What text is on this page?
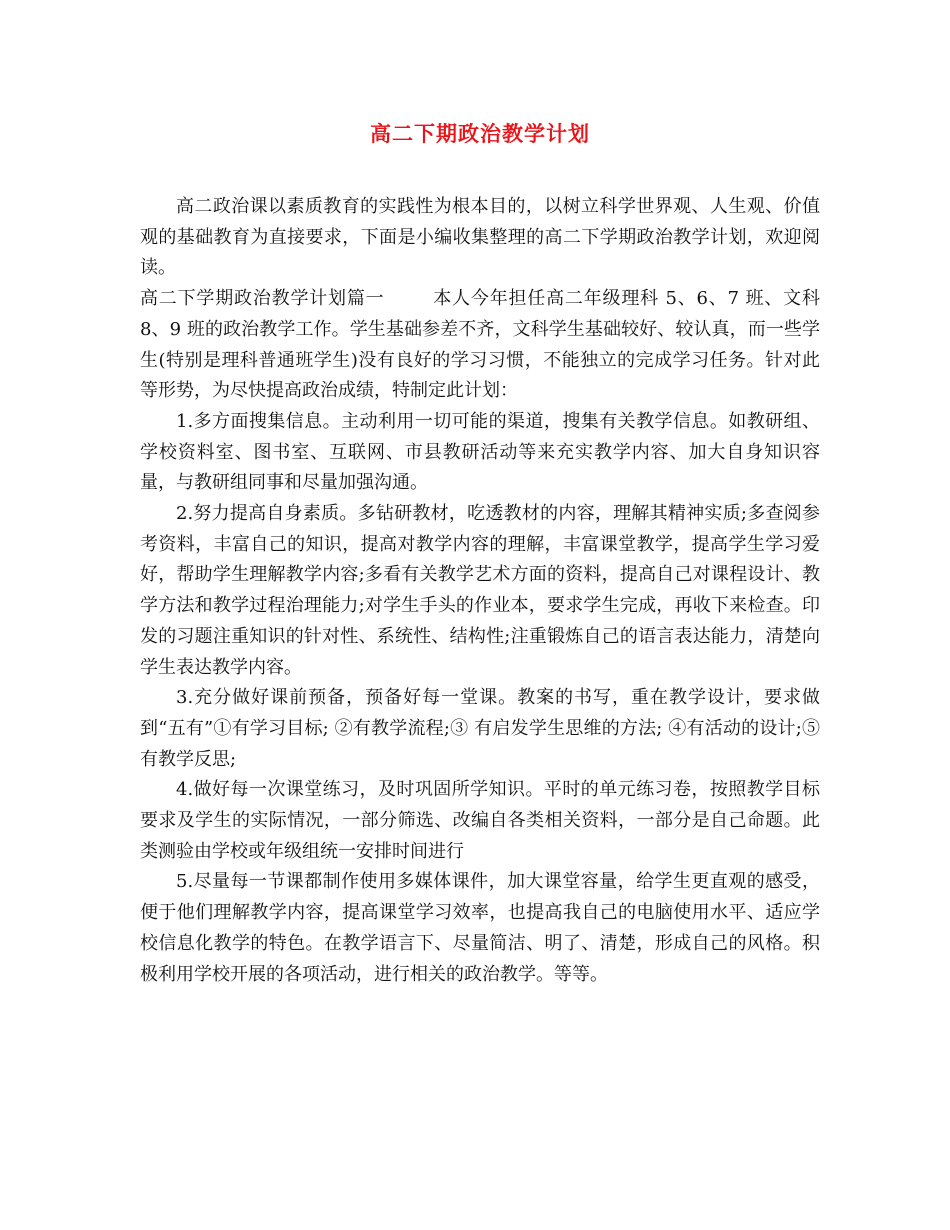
高二下期政治教学计划

高二政治课以素质教育的实践性为根本目的，以树立科学世界观、人生观、价值观的基础教育为直接要求，下面是小编收集整理的高二下学期政治教学计划，欢迎阅读。

高二下学期政治教学计划篇一	本人今年担任高二年级理科 5、6、7 班、文科 8、9 班的政治教学工作。学生基础参差不齐，文科学生基础较好、较认真，而一些学生(特别是理科普通班学生)没有良好的学习习惯，不能独立的完成学习任务。针对此等形势，为尽快提高政治成绩，特制定此计划：

1.多方面搜集信息。主动利用一切可能的渠道，搜集有关教学信息。如教研组、学校资料室、图书室、互联网、市县教研活动等来充实教学内容、加大自身知识容量，与教研组同事和尽量加强沟通。

2.努力提高自身素质。多钻研教材，吃透教材的内容，理解其精神实质;多查阅参考资料，丰富自己的知识，提高对教学内容的理解，丰富课堂教学，提高学生学习爱好，帮助学生理解教学内容;多看有关教学艺术方面的资料，提高自己对课程设计、教学方法和教学过程治理能力;对学生手头的作业本，要求学生完成，再收下来检查。印发的习题注重知识的针对性、系统性、结构性;注重锻炼自己的语言表达能力，清楚向学生表达教学内容。

3.充分做好课前预备，预备好每一堂课。教案的书写，重在教学设计，要求做到“五有”①有学习目标; ②有教学流程;③ 有启发学生思维的方法; ④有活动的设计;⑤有教学反思;

4.做好每一次课堂练习，及时巩固所学知识。平时的单元练习卷，按照教学目标要求及学生的实际情况，一部分筛选、改编自各类相关资料，一部分是自己命题。此类测验由学校或年级组统一安排时间进行

5.尽量每一节课都制作使用多媒体课件，加大课堂容量，给学生更直观的感受，便于他们理解教学内容，提高课堂学习效率，也提高我自己的电脑使用水平、适应学校信息化教学的特色。在教学语言下、尽量简洁、明了、清楚，形成自己的风格。积极利用学校开展的各项活动，进行相关的政治教学。等等。
